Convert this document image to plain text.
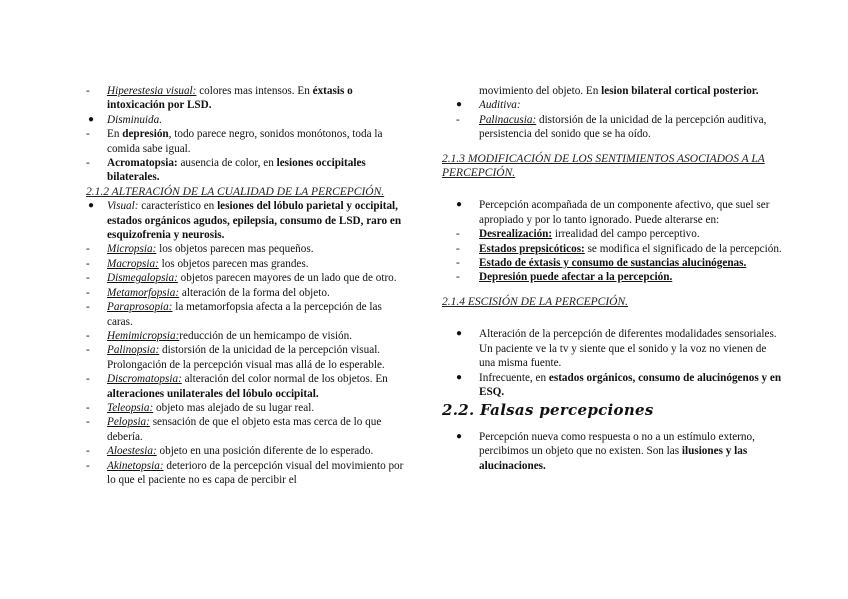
- Hiperestesia visual: colores mas intensos. En éxtasis o intoxicación por LSD.
● Disminuida.
- En depresión, todo parece negro, sonidos monótonos, toda la comida sabe igual.
- Acromatopsia: ausencia de color, en lesiones occipitales bilaterales.
2.1.2 ALTERACIÓN DE LA CUALIDAD DE LA PERCEPCIÓN.
● Visual: característico en lesiones del lóbulo parietal y occipital, estados orgánicos agudos, epilepsia, consumo de LSD, raro en esquizofrenia y neurosis.
- Micropsia: los objetos parecen mas pequeños.
- Macropsia: los objetos parecen mas grandes.
- Dismegalopsia: objetos parecen mayores de un lado que de otro.
- Metamorfopsia: alteración de la forma del objeto.
- Paraprosopia: la metamorfopsia afecta a la percepción de las caras.
- Hemimicropsia:reducción de un hemicampo de visión.
- Palinopsia: distorsión de la unicidad de la percepción visual. Prolongación de la percepción visual mas allá de lo esperable.
- Discromatopsia: alteración del color normal de los objetos. En alteraciones unilaterales del lóbulo occipital.
- Teleopsia: objeto mas alejado de su lugar real.
- Pelopsia: sensación de que el objeto esta mas cerca de lo que debería.
- Aloestesia: objeto en una posición diferente de lo esperado.
- Akinetopsia: deterioro de la percepción visual del movimiento por lo que el paciente no es capa de percibir el
movimiento del objeto. En lesion bilateral cortical posterior.
● Auditiva:
- Palinacusia: distorsión de la unicidad de la percepción auditiva, persistencia del sonido que se ha oído.
2.1.3 MODIFICACIÓN DE LOS SENTIMIENTOS ASOCIADOS A LA PERCEPCIÓN.
● Percepción acompañada de un componente afectivo, que suel ser apropiado y por lo tanto ignorado. Puede alterarse en:
- Desrealización: irrealidad del campo perceptivo.
- Estados prepsicóticos: se modifica el significado de la percepción.
- Estado de éxtasis y consumo de sustancias alucinógenas.
- Depresión puede afectar a la percepción.
2.1.4 ESCISIÓN DE LA PERCEPCIÓN.
● Alteración de la percepción de diferentes modalidades sensoriales. Un paciente ve la tv y siente que el sonido y la voz no vienen de una misma fuente.
● Infrecuente, en estados orgánicos, consumo de alucinógenos y en ESQ.
2.2. Falsas percepciones
● Percepción nueva como respuesta o no a un estímulo externo, percibimos un objeto que no existen. Son las ilusiones y las alucinaciones.
